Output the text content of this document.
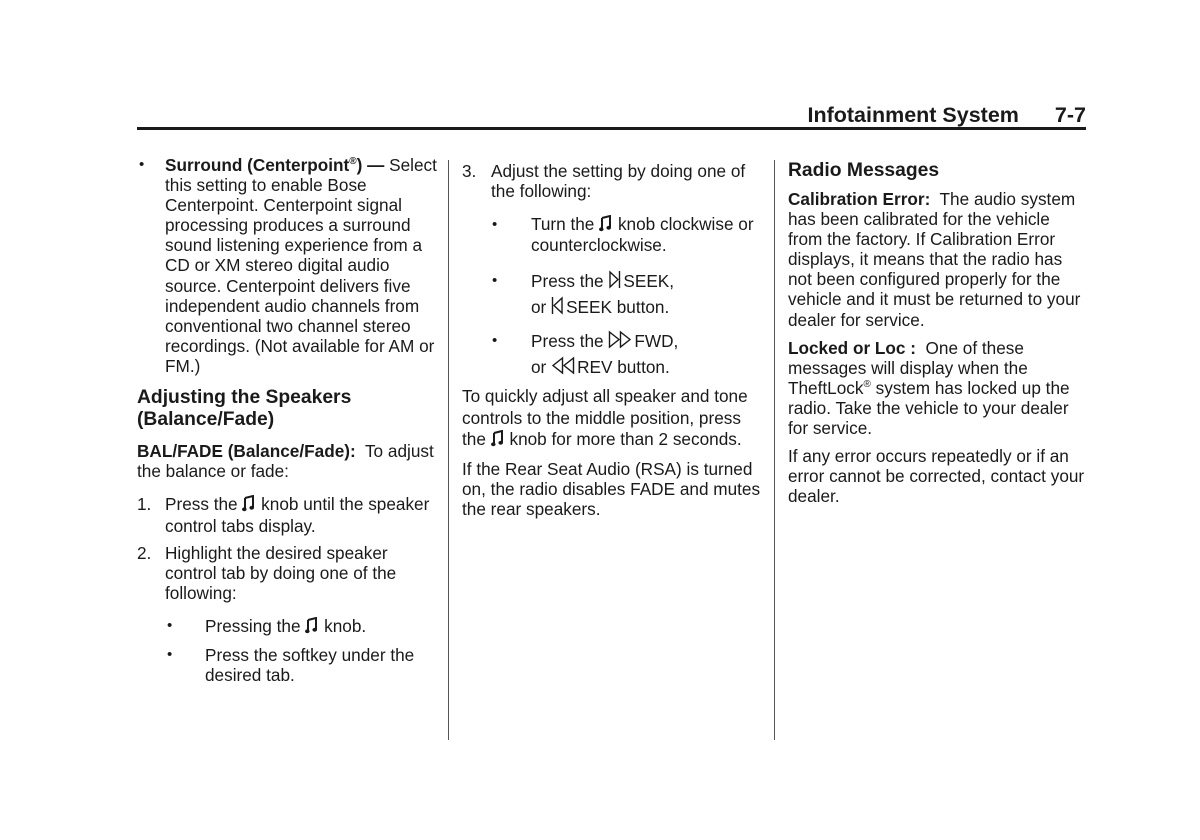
Infotainment System 7-7
• Surround (Centerpoint®) — Select this setting to enable Bose Centerpoint. Centerpoint signal processing produces a surround sound listening experience from a CD or XM stereo digital audio source. Centerpoint delivers five independent audio channels from conventional two channel stereo recordings. (Not available for AM or FM.)

Adjusting the Speakers (Balance/Fade)

BAL/FADE (Balance/Fade): To adjust the balance or fade:

1. Press the knob until the speaker control tabs display.

2. Highlight the desired speaker control tab by doing one of the following:

• Pressing the knob.

• Press the softkey under the desired tab.

3. Adjust the setting by doing one of the following:

• Turn the knob clockwise or counterclockwise.

• Press the SEEK,
or SEEK button.

• Press the FWD,
or REV button.

To quickly adjust all speaker and tone controls to the middle position, press the knob for more than 2 seconds.

If the Rear Seat Audio (RSA) is turned on, the radio disables FADE and mutes the rear speakers.

Radio Messages

Calibration Error: The audio system has been calibrated for the vehicle from the factory. If Calibration Error displays, it means that the radio has not been configured properly for the vehicle and it must be returned to your dealer for service.

Locked or Loc : One of these messages will display when the TheftLock® system has locked up the radio. Take the vehicle to your dealer for service.

If any error occurs repeatedly or if an error cannot be corrected, contact your dealer.
